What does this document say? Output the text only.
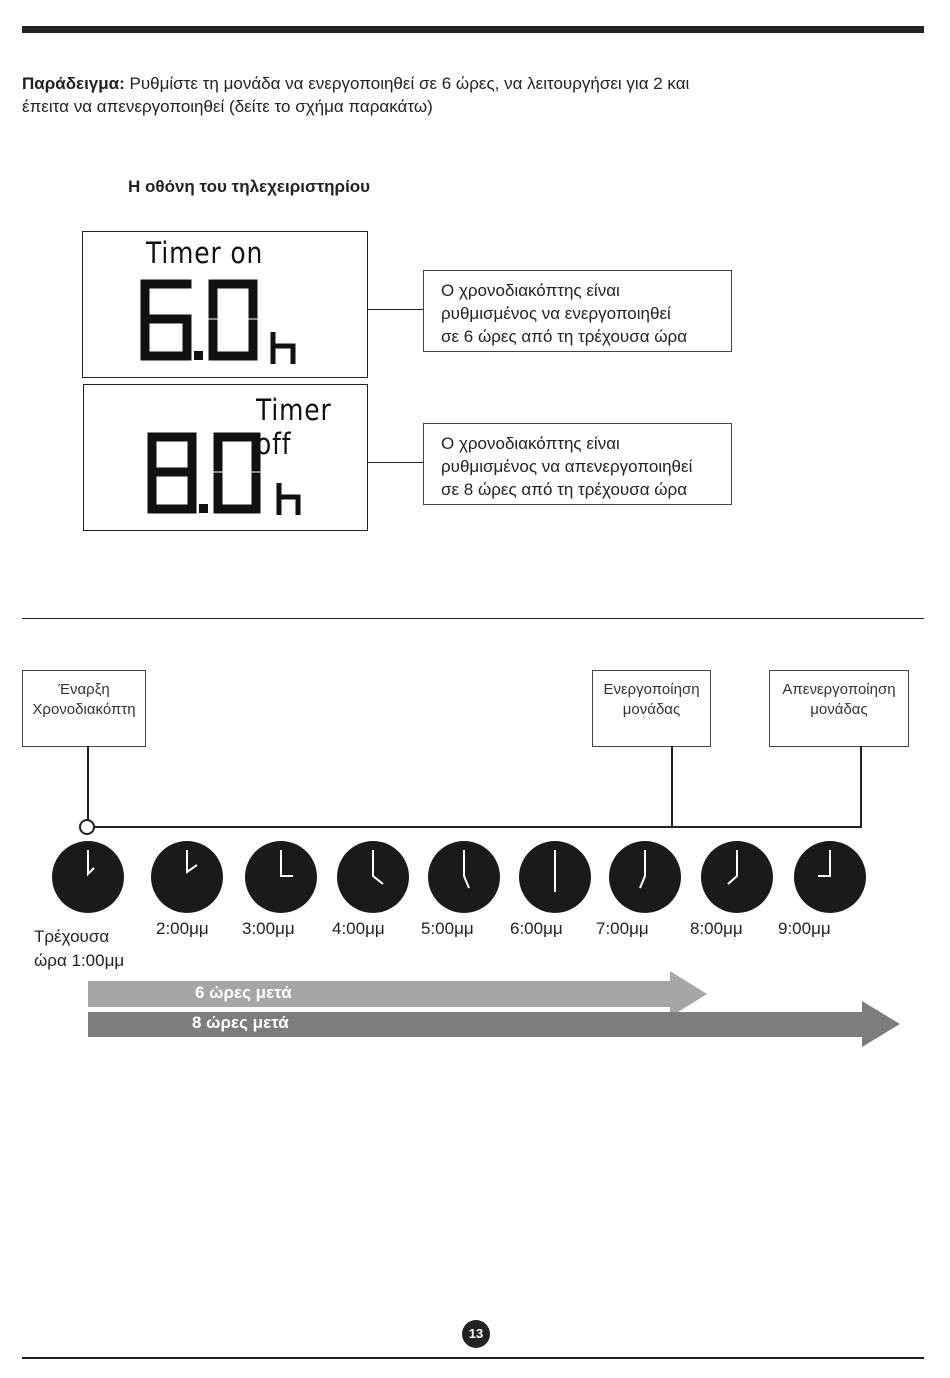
Παράδειγμα: Ρυθμίστε τη μονάδα να ενεργοποιηθεί σε 6 ώρες, να λειτουργήσει για 2 και
έπειτα να απενεργοποιηθεί (δείτε το σχήμα παρακάτω)
Η οθόνη του τηλεχειριστηρίου
Timer on
Timer off
Ο χρονοδιακόπτης είναι
ρυθμισμένος να ενεργοποιηθεί
σε 6 ώρες από τη τρέχουσα ώρα
Ο χρονοδιακόπτης είναι
ρυθμισμένος να απενεργοποιηθεί
σε 8 ώρες από τη τρέχουσα ώρα
Έναρξη
Χρονοδιακόπτη
Ενεργοποίηση
μονάδας
Απενεργοποίηση
μονάδας
Τρέχουσα
ώρα 1:00μμ
2:00μμ 3:00μμ 4:00μμ 5:00μμ 6:00μμ 7:00μμ 8:00μμ 9:00μμ
6 ώρες μετά
8 ώρες μετά
13
